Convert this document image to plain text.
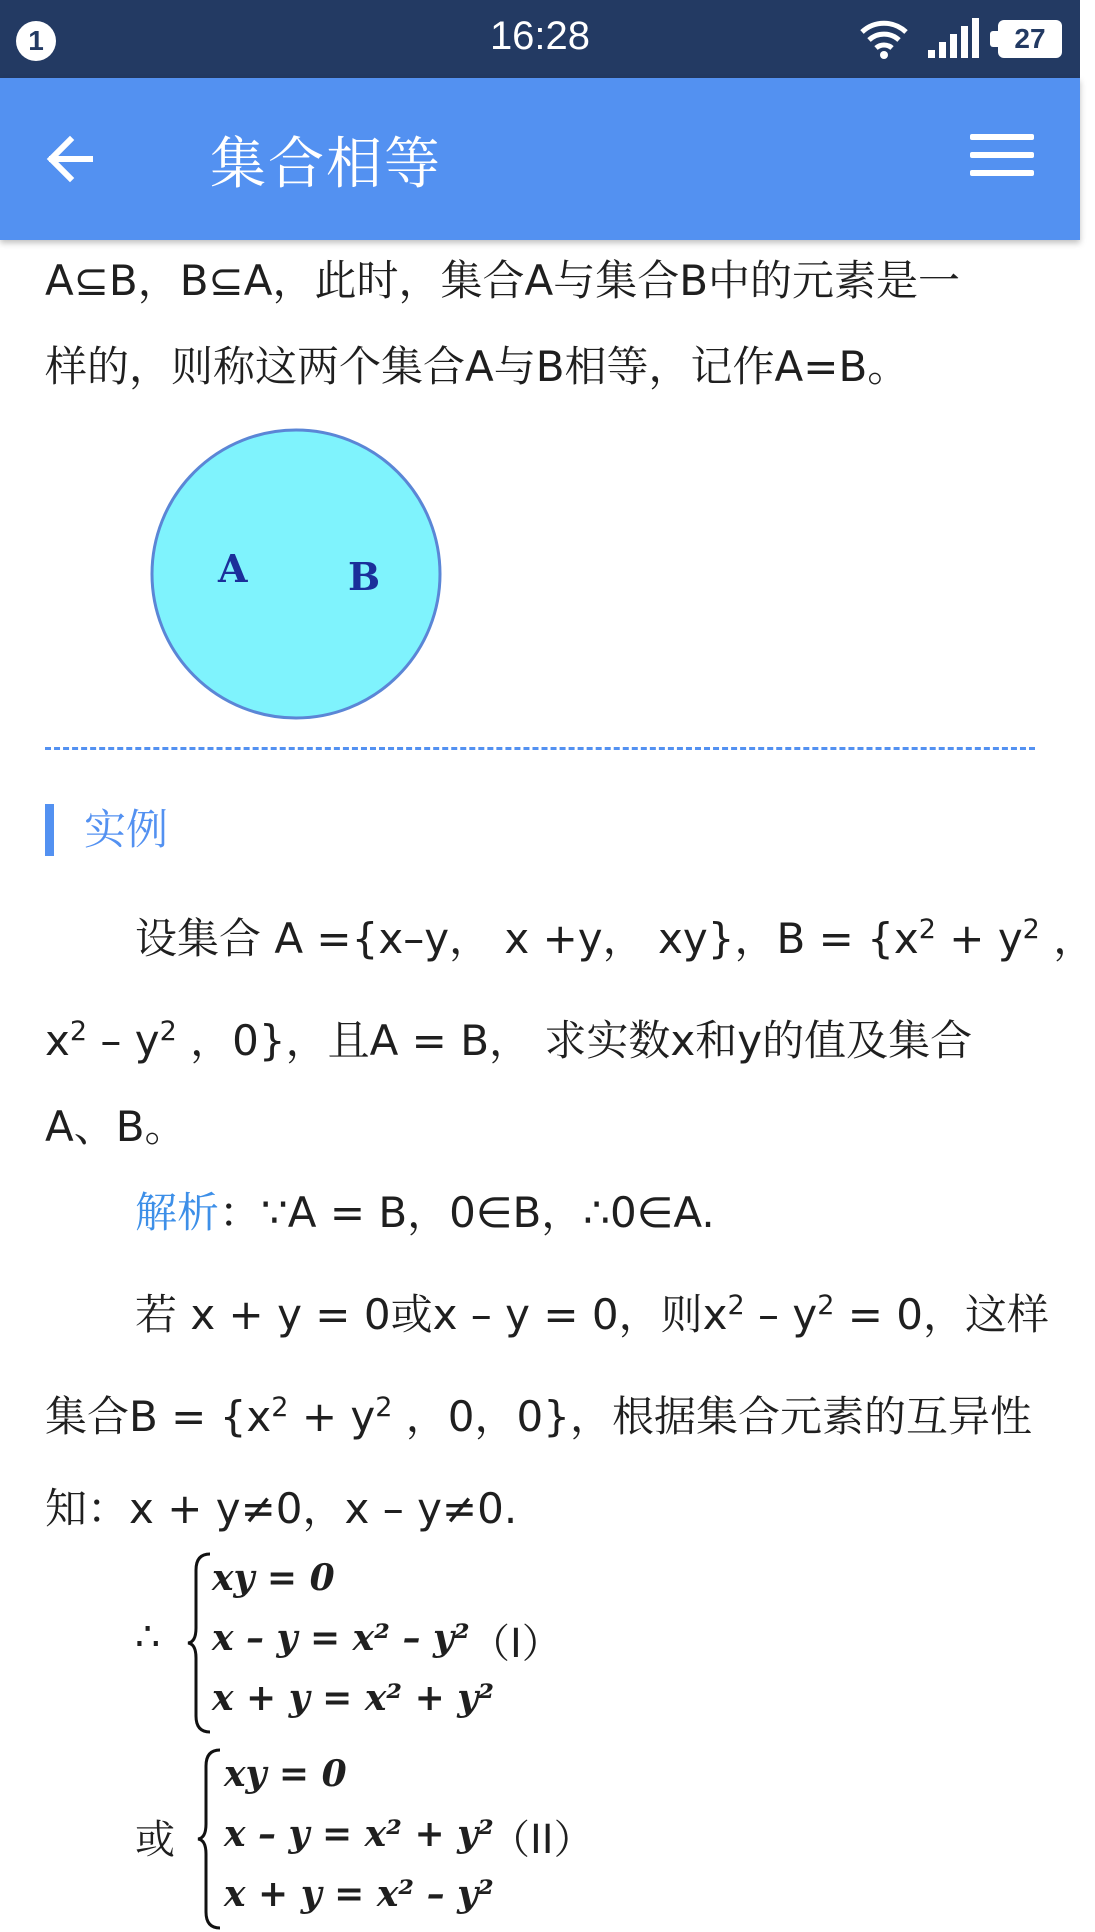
1	16:28	27
集合相等
A⊆B，B⊆A，此时，集合A与集合B中的元素是一
样的，则称这两个集合A与B相等，记作A=B。
A	B
实例
设集合 A ={x–y， x +y， xy}，$B = \{x^2 + y^2$ ，
$x^2 - y^2$ ，0}，且A = B， 求实数x和y的值及集合
A、B。
解析：∵A = B，0∈B，∴0∈A.
若 x + y = 0或x – y = 0，则$x^2 - y^2 = 0$，这样
集合$B = \{x^2 + y^2$ ，0，0}，根据集合元素的互异性
知：x + y≠0，x – y≠0.
∴
xy = 0
x – y = x² – y²
x + y = x² + y²
（I）
或
xy = 0
x – y = x² + y²
x + y = x² – y²
（II）
